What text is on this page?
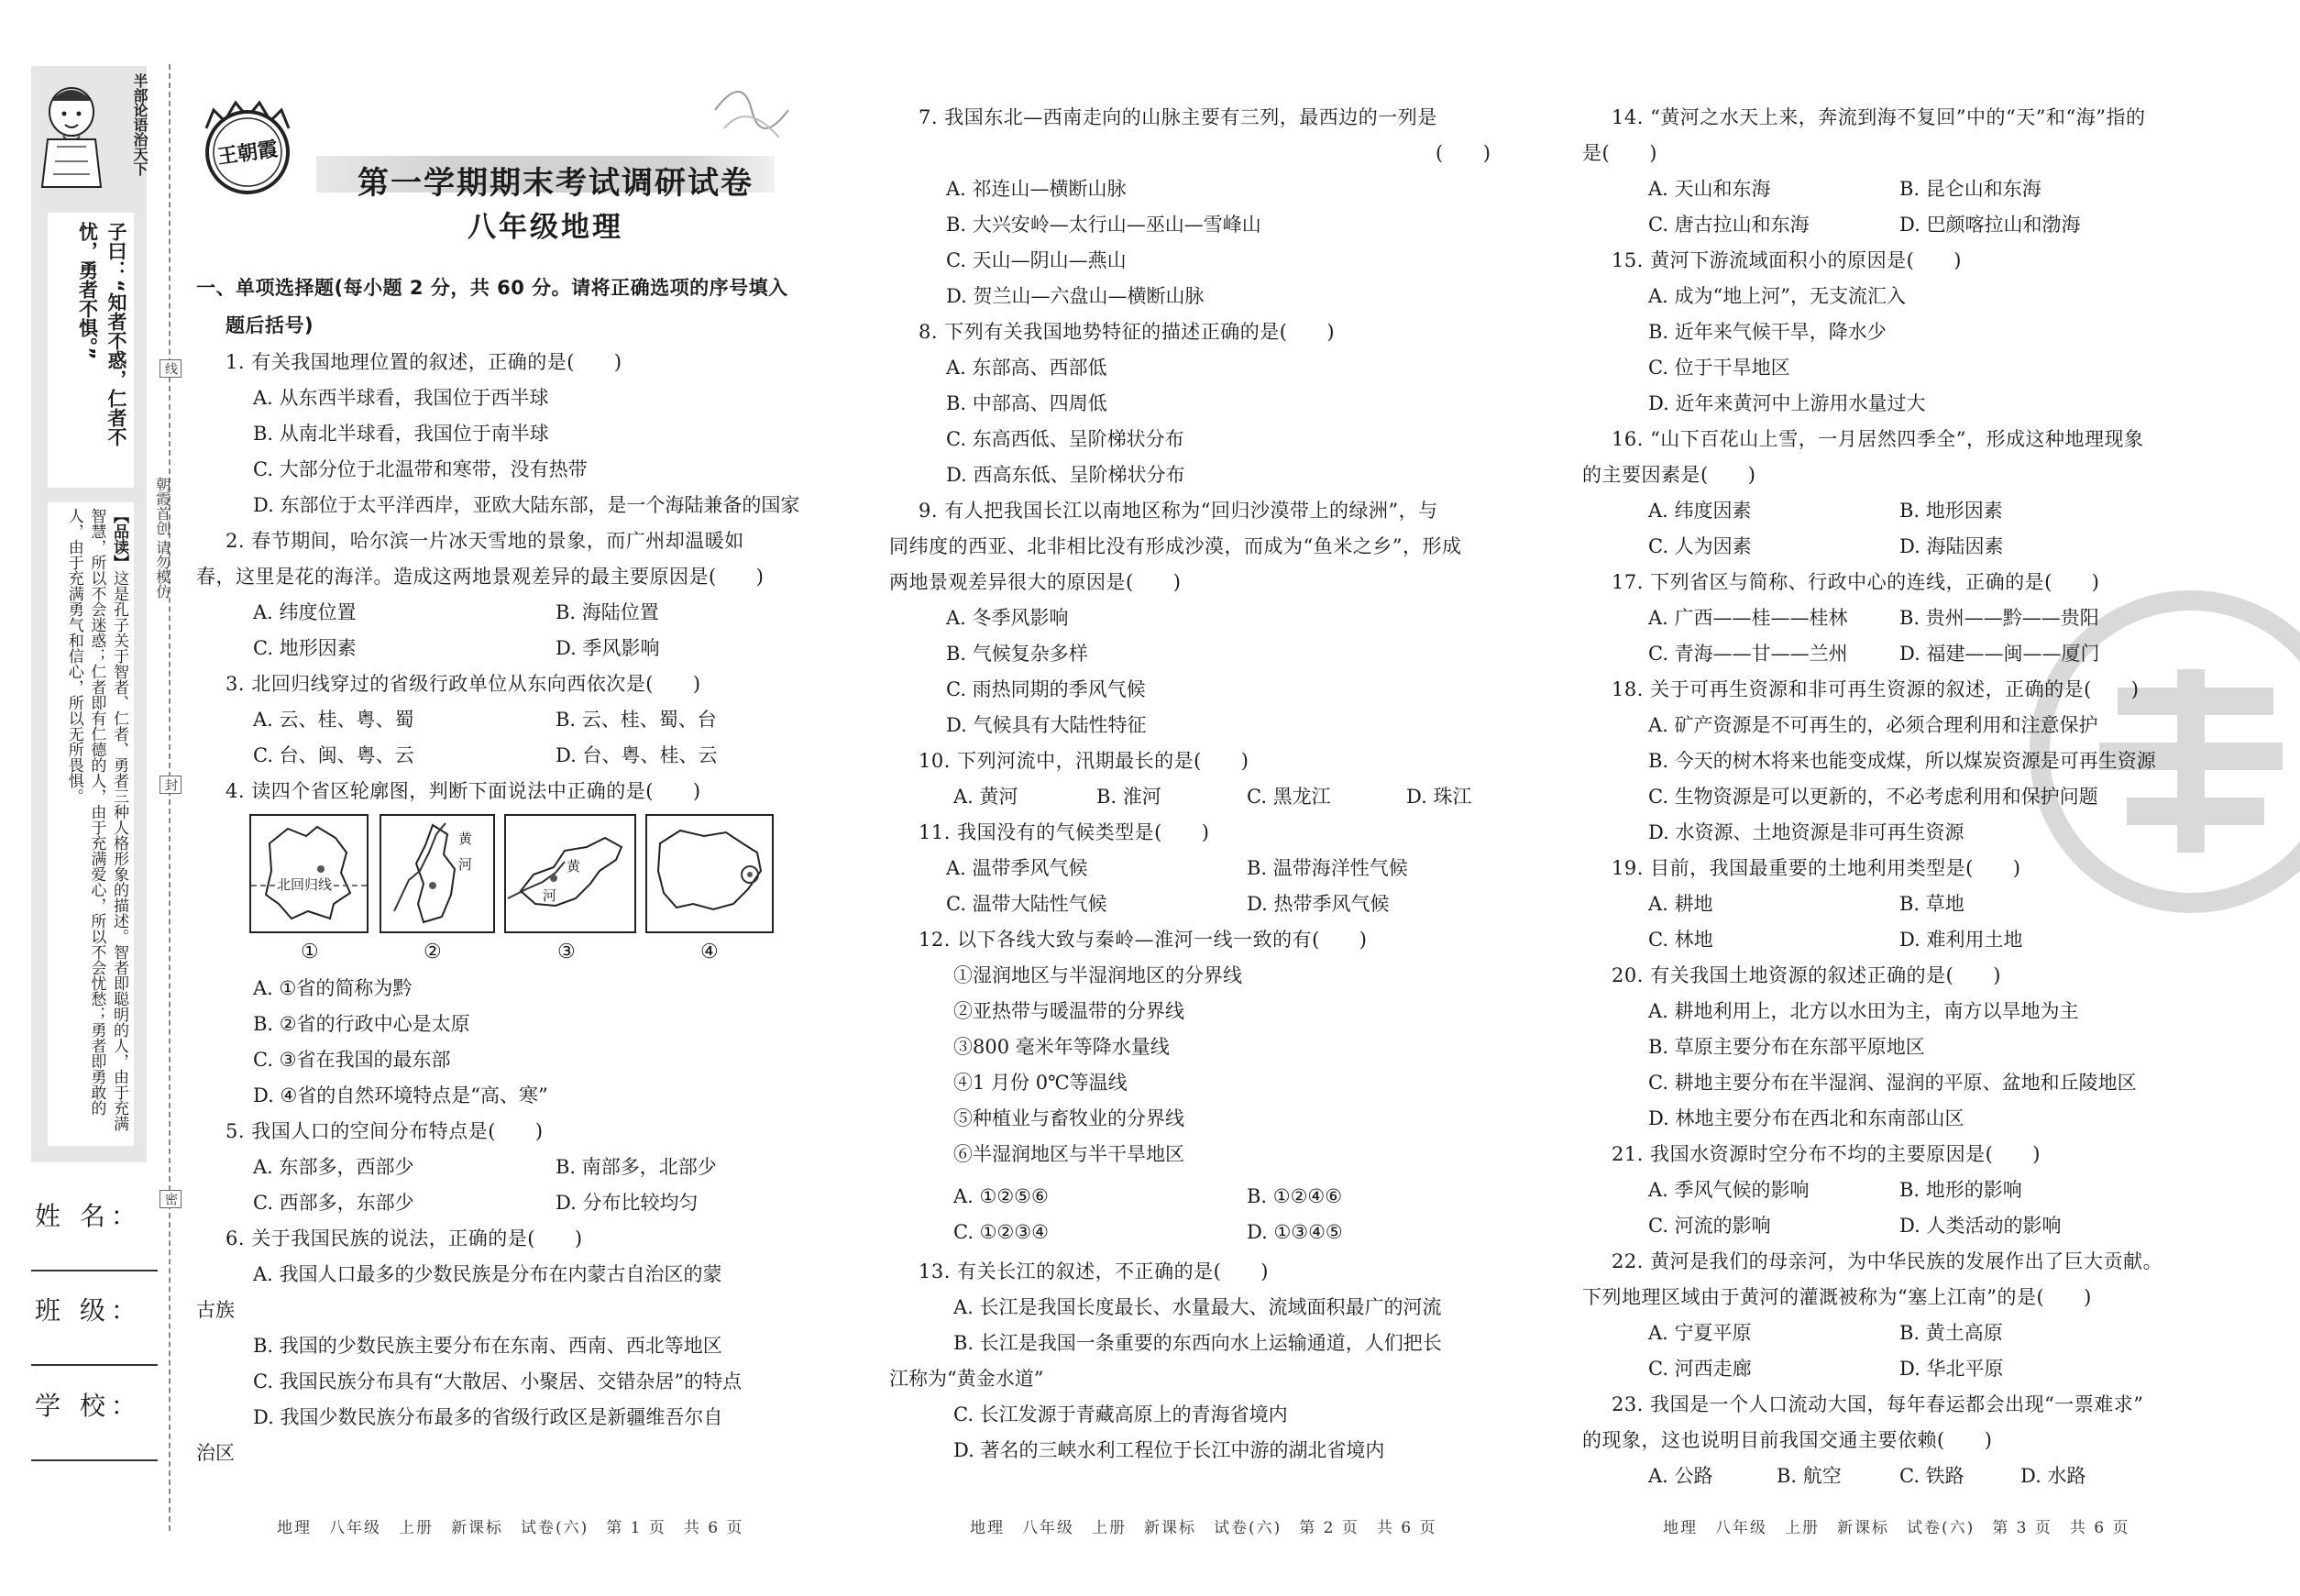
半部论语治天下
子曰：“知者不惑，仁者不忧，勇者不惧。”
【品读】这是孔子关于智者、仁者、勇者三种人格形象的描述。智者即聪明的人，由于充满智慧，所以不会迷惑；仁者即有仁德的人，由于充满爱心，所以不会忧愁；勇者即勇敢的人，由于充满勇气和信心，所以无所畏惧。
线
朝霞首创 请勿模仿
封
密
姓 名：
班 级：
学 校：
王朝霞
第一学期期末考试调研试卷
八年级地理
一、单项选择题(每小题 2 分，共 60 分。请将正确选项的序号填入
题后括号)
1. 有关我国地理位置的叙述，正确的是(　　)
A. 从东西半球看，我国位于西半球
B. 从南北半球看，我国位于南半球
C. 大部分位于北温带和寒带，没有热带
D. 东部位于太平洋西岸，亚欧大陆东部，是一个海陆兼备的国家
2. 春节期间，哈尔滨一片冰天雪地的景象，而广州却温暖如
春，这里是花的海洋。造成这两地景观差异的最主要原因是(　　)
A. 纬度位置	B. 海陆位置
C. 地形因素	D. 季风影响
3. 北回归线穿过的省级行政单位从东向西依次是(　　)
A. 云、桂、粤、蜀	B. 云、桂、蜀、台
C. 台、闽、粤、云	D. 台、粤、桂、云
4. 读四个省区轮廓图，判断下面说法中正确的是(　　)
北回归线
黄
河	黄
河
①	②	③	④
A. ①省的简称为黔
B. ②省的行政中心是太原
C. ③省在我国的最东部
D. ④省的自然环境特点是“高、寒”
5. 我国人口的空间分布特点是(　　)
A. 东部多，西部少	B. 南部多，北部少
C. 西部多，东部少	D. 分布比较均匀
6. 关于我国民族的说法，正确的是(　　)
A. 我国人口最多的少数民族是分布在内蒙古自治区的蒙
古族
B. 我国的少数民族主要分布在东南、西南、西北等地区
C. 我国民族分布具有“大散居、小聚居、交错杂居”的特点
D. 我国少数民族分布最多的省级行政区是新疆维吾尔自
治区
地理　八年级　上册　新课标　试卷(六)　第 1 页　共 6 页
7. 我国东北—西南走向的山脉主要有三列，最西边的一列是
(　　)
A. 祁连山—横断山脉
B. 大兴安岭—太行山—巫山—雪峰山
C. 天山—阴山—燕山
D. 贺兰山—六盘山—横断山脉
8. 下列有关我国地势特征的描述正确的是(　　)
A. 东部高、西部低
B. 中部高、四周低
C. 东高西低、呈阶梯状分布
D. 西高东低、呈阶梯状分布
9. 有人把我国长江以南地区称为“回归沙漠带上的绿洲”，与
同纬度的西亚、北非相比没有形成沙漠，而成为“鱼米之乡”，形成
两地景观差异很大的原因是(　　)
A. 冬季风影响
B. 气候复杂多样
C. 雨热同期的季风气候
D. 气候具有大陆性特征
10. 下列河流中，汛期最长的是(　　)
A. 黄河	B. 淮河	C. 黑龙江	D. 珠江
11. 我国没有的气候类型是(　　)
A. 温带季风气候	B. 温带海洋性气候
C. 温带大陆性气候	D. 热带季风气候
12. 以下各线大致与秦岭—淮河一线一致的有(　　)
①湿润地区与半湿润地区的分界线
②亚热带与暖温带的分界线
③800 毫米年等降水量线
④1 月份 0℃等温线
⑤种植业与畜牧业的分界线
⑥半湿润地区与半干旱地区
A. ①②⑤⑥	B. ①②④⑥
C. ①②③④	D. ①③④⑤
13. 有关长江的叙述，不正确的是(　　)
A. 长江是我国长度最长、水量最大、流域面积最广的河流
B. 长江是我国一条重要的东西向水上运输通道，人们把长
江称为“黄金水道”
C. 长江发源于青藏高原上的青海省境内
D. 著名的三峡水利工程位于长江中游的湖北省境内
地理　八年级　上册　新课标　试卷(六)　第 2 页　共 6 页
14. “黄河之水天上来，奔流到海不复回”中的“天”和“海”指的
是(　　)
A. 天山和东海	B. 昆仑山和东海
C. 唐古拉山和东海	D. 巴颜喀拉山和渤海
15. 黄河下游流域面积小的原因是(　　)
A. 成为“地上河”，无支流汇入
B. 近年来气候干旱，降水少
C. 位于干旱地区
D. 近年来黄河中上游用水量过大
16. “山下百花山上雪，一月居然四季全”，形成这种地理现象
的主要因素是(　　)
A. 纬度因素	B. 地形因素
C. 人为因素	D. 海陆因素
17. 下列省区与简称、行政中心的连线，正确的是(　　)
A. 广西——桂——桂林	B. 贵州——黔——贵阳
C. 青海——甘——兰州	D. 福建——闽——厦门
18. 关于可再生资源和非可再生资源的叙述，正确的是(　　)
A. 矿产资源是不可再生的，必须合理利用和注意保护
B. 今天的树木将来也能变成煤，所以煤炭资源是可再生资源
C. 生物资源是可以更新的，不必考虑利用和保护问题
D. 水资源、土地资源是非可再生资源
19. 目前，我国最重要的土地利用类型是(　　)
A. 耕地	B. 草地
C. 林地	D. 难利用土地
20. 有关我国土地资源的叙述正确的是(　　)
A. 耕地利用上，北方以水田为主，南方以旱地为主
B. 草原主要分布在东部平原地区
C. 耕地主要分布在半湿润、湿润的平原、盆地和丘陵地区
D. 林地主要分布在西北和东南部山区
21. 我国水资源时空分布不均的主要原因是(　　)
A. 季风气候的影响	B. 地形的影响
C. 河流的影响	D. 人类活动的影响
22. 黄河是我们的母亲河，为中华民族的发展作出了巨大贡献。
下列地理区域由于黄河的灌溉被称为“塞上江南”的是(　　)
A. 宁夏平原	B. 黄土高原
C. 河西走廊	D. 华北平原
23. 我国是一个人口流动大国，每年春运都会出现“一票难求”
的现象，这也说明目前我国交通主要依赖(　　)
A. 公路	B. 航空	C. 铁路	D. 水路
地理　八年级　上册　新课标　试卷(六)　第 3 页　共 6 页
